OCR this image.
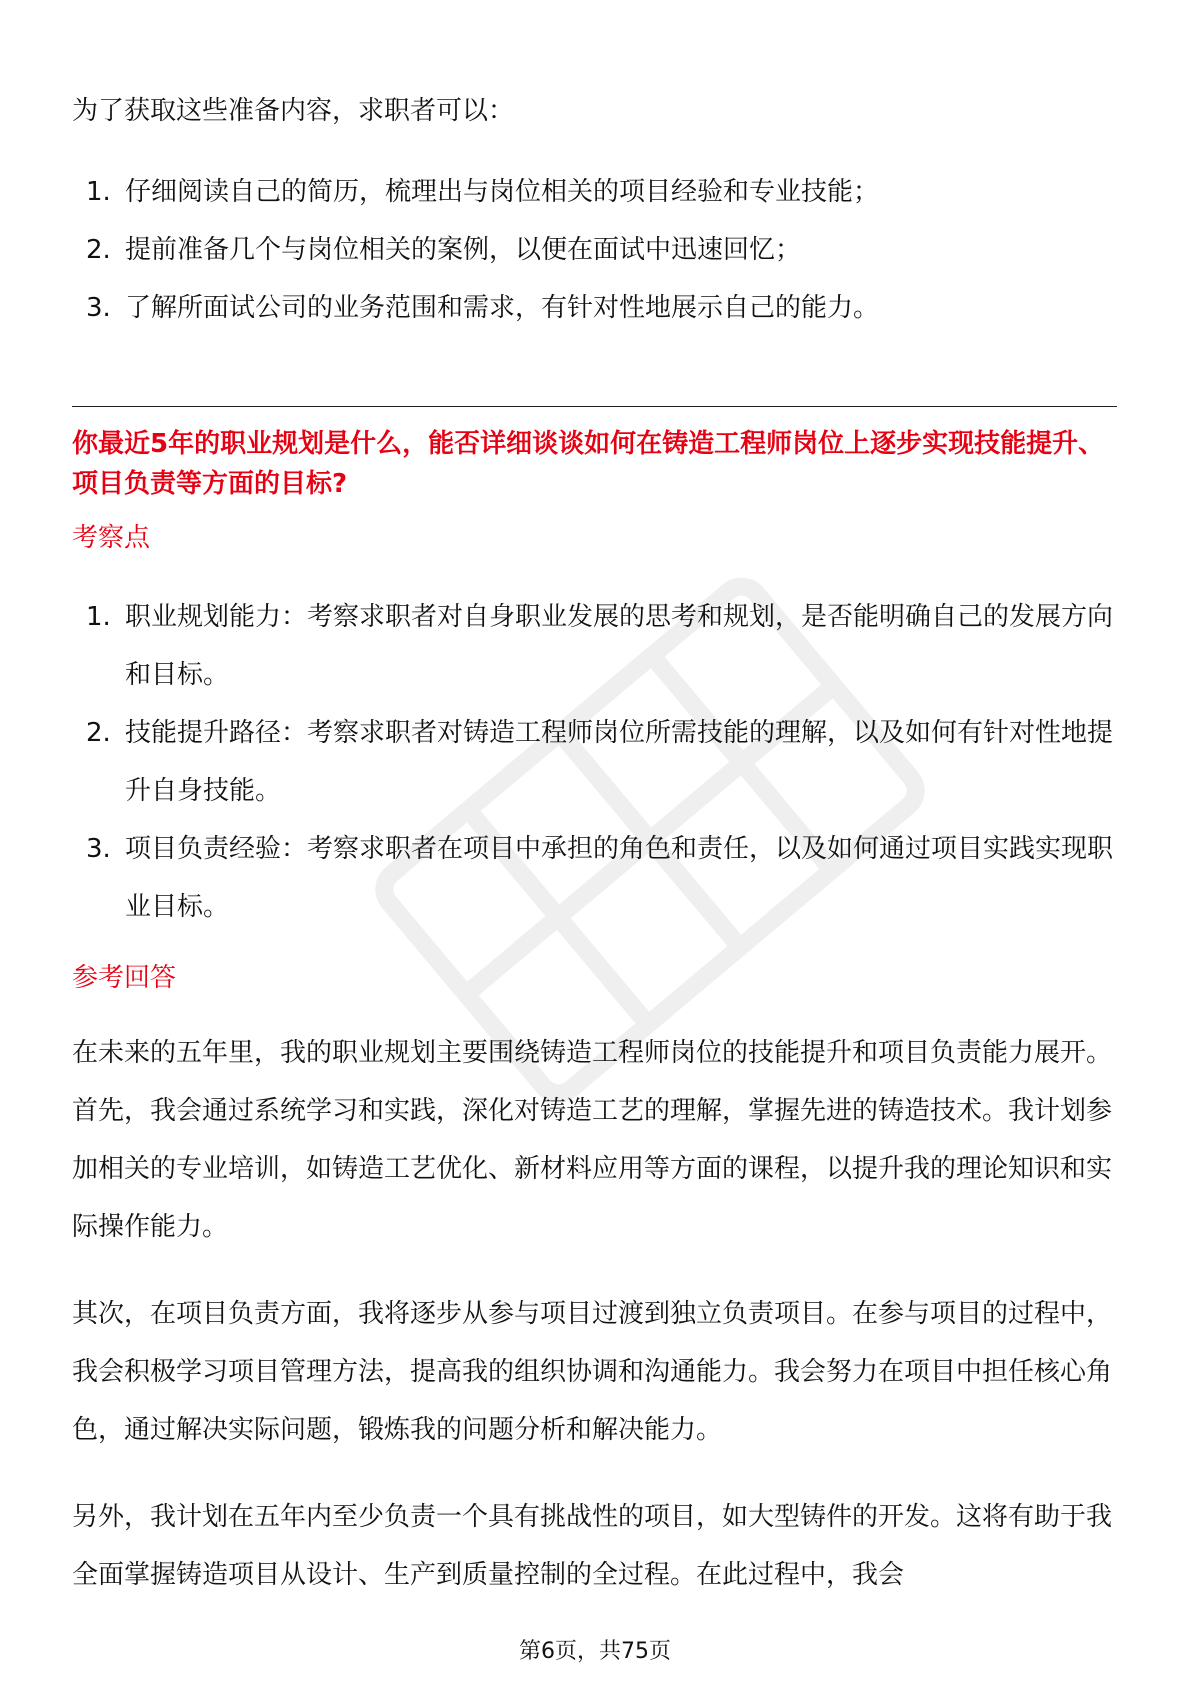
为了获取这些准备内容，求职者可以：

1. 仔细阅读自己的简历，梳理出与岗位相关的项目经验和专业技能；
2. 提前准备几个与岗位相关的案例，以便在面试中迅速回忆；
3. 了解所面试公司的业务范围和需求，有针对性地展示自己的能力。

你最近5年的职业规划是什么，能否详细谈谈如何在铸造工程师岗位上逐步实现技能提升、项目负责等方面的目标?

考察点

1. 职业规划能力：考察求职者对自身职业发展的思考和规划，是否能明确自己的发展方向和目标。
2. 技能提升路径：考察求职者对铸造工程师岗位所需技能的理解，以及如何有针对性地提升自身技能。
3. 项目负责经验：考察求职者在项目中承担的角色和责任，以及如何通过项目实践实现职业目标。

参考回答

在未来的五年里，我的职业规划主要围绕铸造工程师岗位的技能提升和项目负责能力展开。首先，我会通过系统学习和实践，深化对铸造工艺的理解，掌握先进的铸造技术。我计划参加相关的专业培训，如铸造工艺优化、新材料应用等方面的课程，以提升我的理论知识和实际操作能力。

其次，在项目负责方面，我将逐步从参与项目过渡到独立负责项目。在参与项目的过程中，我会积极学习项目管理方法，提高我的组织协调和沟通能力。我会努力在项目中担任核心角色，通过解决实际问题，锻炼我的问题分析和解决能力。

另外，我计划在五年内至少负责一个具有挑战性的项目，如大型铸件的开发。这将有助于我全面掌握铸造项目从设计、生产到质量控制的全过程。在此过程中，我会

第6页，共75页
